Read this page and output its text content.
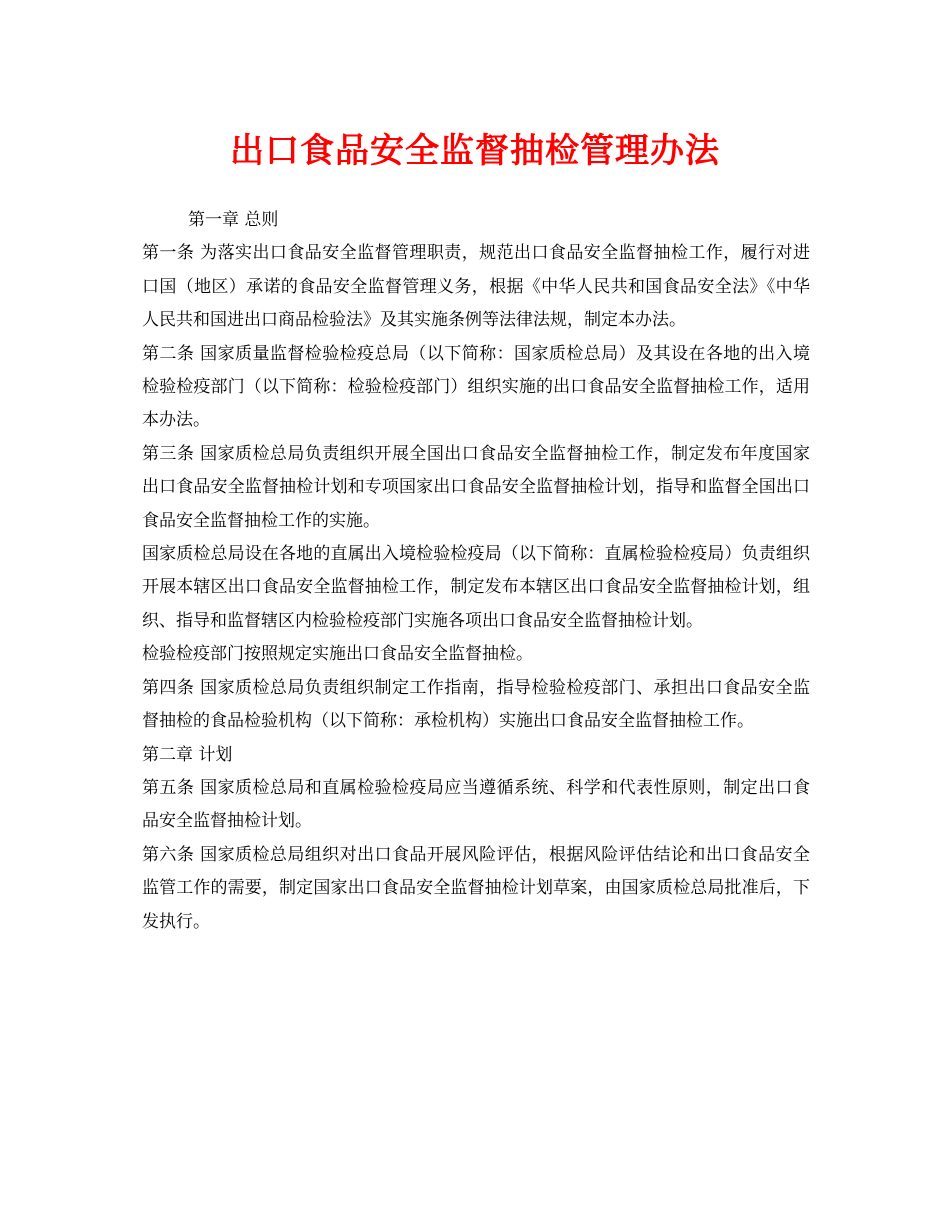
出口食品安全监督抽检管理办法

第一章 总则

第一条 为落实出口食品安全监督管理职责，规范出口食品安全监督抽检工作，履行对进口国（地区）承诺的食品安全监督管理义务，根据《中华人民共和国食品安全法》《中华人民共和国进出口商品检验法》及其实施条例等法律法规，制定本办法。

第二条 国家质量监督检验检疫总局（以下简称：国家质检总局）及其设在各地的出入境检验检疫部门（以下简称：检验检疫部门）组织实施的出口食品安全监督抽检工作，适用本办法。

第三条 国家质检总局负责组织开展全国出口食品安全监督抽检工作，制定发布年度国家出口食品安全监督抽检计划和专项国家出口食品安全监督抽检计划，指导和监督全国出口食品安全监督抽检工作的实施。

国家质检总局设在各地的直属出入境检验检疫局（以下简称：直属检验检疫局）负责组织开展本辖区出口食品安全监督抽检工作，制定发布本辖区出口食品安全监督抽检计划，组织、指导和监督辖区内检验检疫部门实施各项出口食品安全监督抽检计划。

检验检疫部门按照规定实施出口食品安全监督抽检。

第四条 国家质检总局负责组织制定工作指南，指导检验检疫部门、承担出口食品安全监督抽检的食品检验机构（以下简称：承检机构）实施出口食品安全监督抽检工作。

第二章 计划

第五条 国家质检总局和直属检验检疫局应当遵循系统、科学和代表性原则，制定出口食品安全监督抽检计划。

第六条 国家质检总局组织对出口食品开展风险评估，根据风险评估结论和出口食品安全监管工作的需要，制定国家出口食品安全监督抽检计划草案，由国家质检总局批准后，下发执行。
